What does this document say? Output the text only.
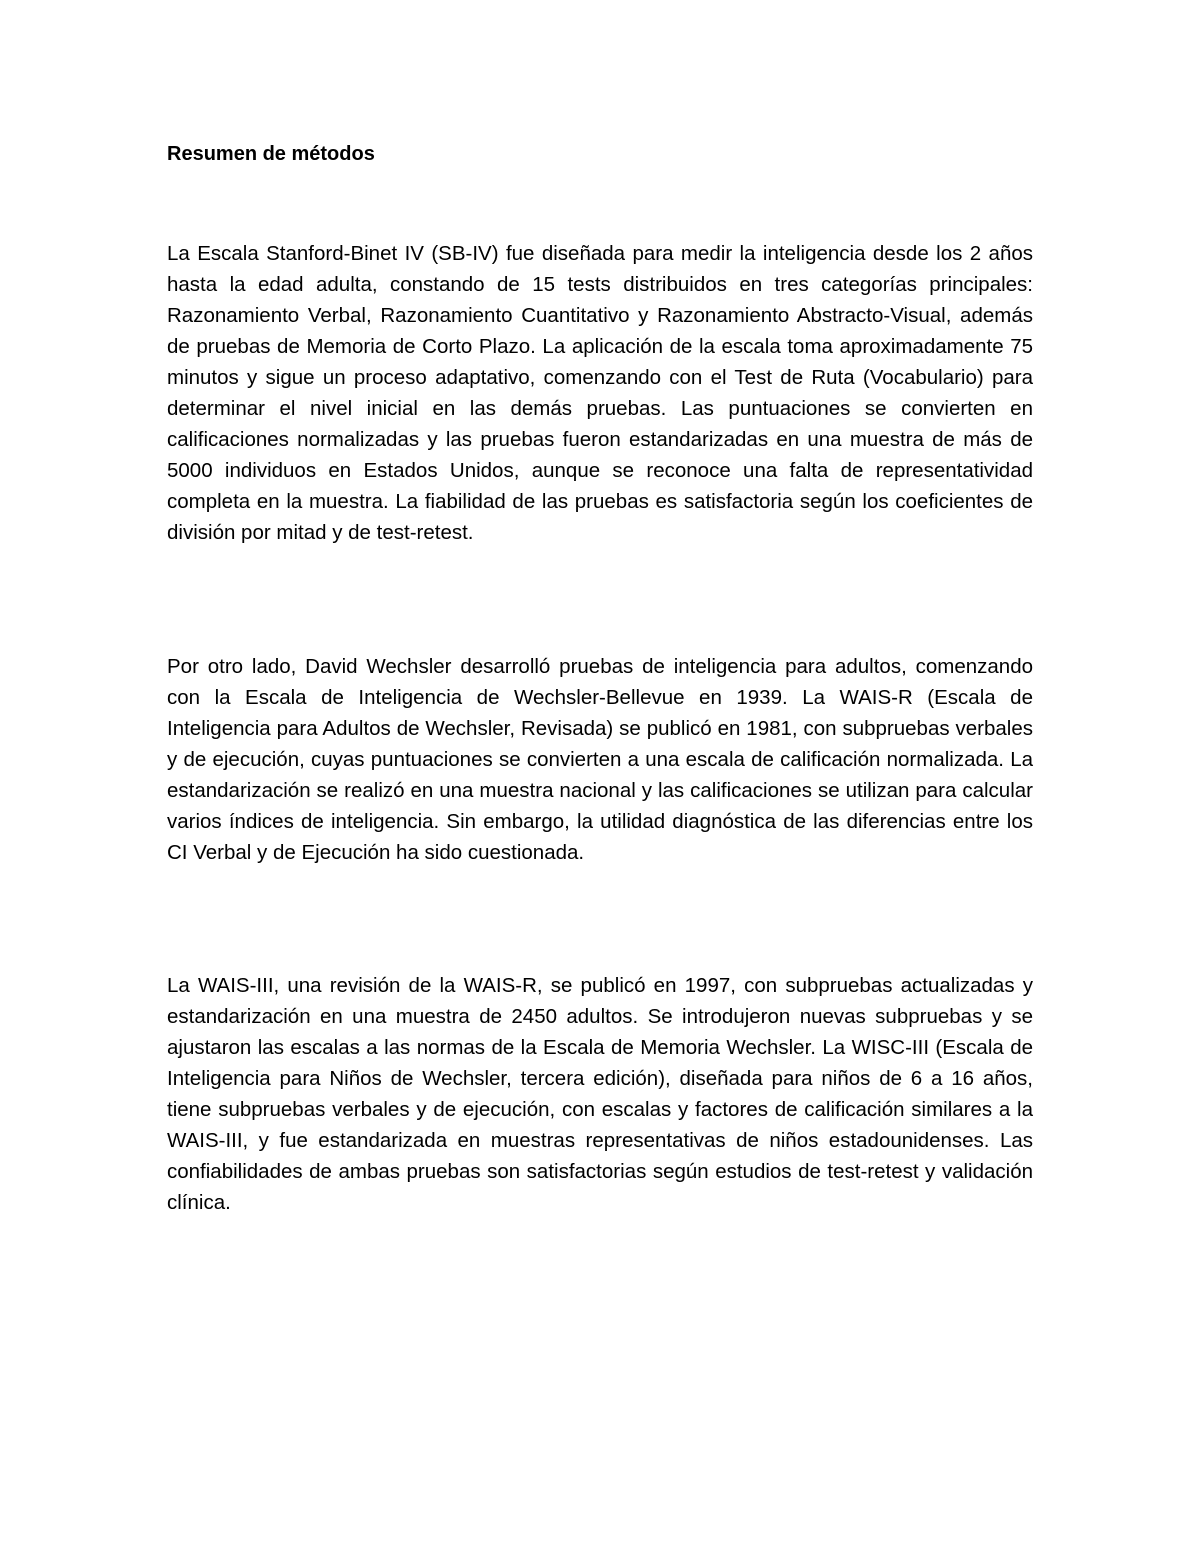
Resumen de métodos

La Escala Stanford-Binet IV (SB-IV) fue diseñada para medir la inteligencia desde los 2 años hasta la edad adulta, constando de 15 tests distribuidos en tres categorías principales: Razonamiento Verbal, Razonamiento Cuantitativo y Razonamiento Abstracto-Visual, además de pruebas de Memoria de Corto Plazo. La aplicación de la escala toma aproximadamente 75 minutos y sigue un proceso adaptativo, comenzando con el Test de Ruta (Vocabulario) para determinar el nivel inicial en las demás pruebas. Las puntuaciones se convierten en calificaciones normalizadas y las pruebas fueron estandarizadas en una muestra de más de 5000 individuos en Estados Unidos, aunque se reconoce una falta de representatividad completa en la muestra. La fiabilidad de las pruebas es satisfactoria según los coeficientes de división por mitad y de test-retest.

Por otro lado, David Wechsler desarrolló pruebas de inteligencia para adultos, comenzando con la Escala de Inteligencia de Wechsler-Bellevue en 1939. La WAIS-R (Escala de Inteligencia para Adultos de Wechsler, Revisada) se publicó en 1981, con subpruebas verbales y de ejecución, cuyas puntuaciones se convierten a una escala de calificación normalizada. La estandarización se realizó en una muestra nacional y las calificaciones se utilizan para calcular varios índices de inteligencia. Sin embargo, la utilidad diagnóstica de las diferencias entre los CI Verbal y de Ejecución ha sido cuestionada.

La WAIS-III, una revisión de la WAIS-R, se publicó en 1997, con subpruebas actualizadas y estandarización en una muestra de 2450 adultos. Se introdujeron nuevas subpruebas y se ajustaron las escalas a las normas de la Escala de Memoria Wechsler. La WISC-III (Escala de Inteligencia para Niños de Wechsler, tercera edición), diseñada para niños de 6 a 16 años, tiene subpruebas verbales y de ejecución, con escalas y factores de calificación similares a la WAIS-III, y fue estandarizada en muestras representativas de niños estadounidenses. Las confiabilidades de ambas pruebas son satisfactorias según estudios de test-retest y validación clínica.
